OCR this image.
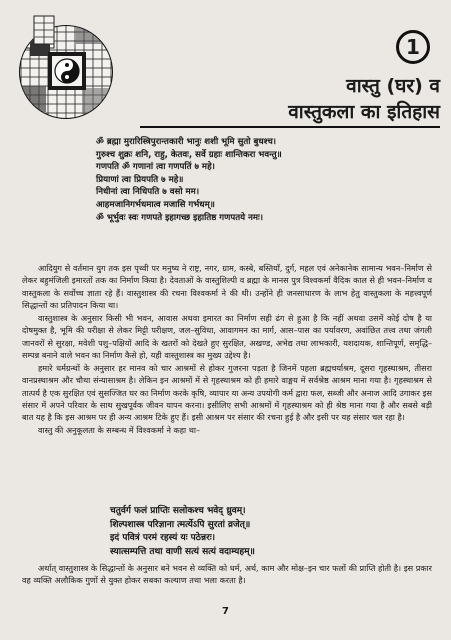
1
वास्तु (घर) व
वास्तुकला का इतिहास
ॐ ब्रह्मा मुरारिस्त्रिपुरान्तकारी भानुः शशी भूमि सुतो बुधश्च।
गुरुश्च शुक्रः शनि, राहु, केतवः, सर्वे ग्रहाः शान्तिकरा भवन्तु॥
गणपति ॐ गणानां त्वा गणपतिं ७ महे।
प्रियाणां त्वा प्रियपति ७ महे॥
निधीनां त्वा निधिपति ७ वसो मम।
आहमजानिगर्भधमात्व मजासि गर्भधम्॥
ॐ भूर्भुवः स्वः गणपते इहागच्छ इहातिष्ठ गणपतये नमः।

आदियुग से वर्तमान युग तक इस पृथ्वी पर मनुष्य ने राष्ट्र, नगर, ग्राम, कस्बे, बस्तियाँ, दुर्ग, महल एवं अनेकानेक सामान्य भवन–निर्माण से लेकर बहुमंजिली इमारतों तक का निर्माण किया है। देवताओं के वास्तुशिल्पी व ब्रह्मा के मानस पुत्र विश्वकर्मा वैदिक काल से ही भवन–निर्माण व वास्तुकला के सर्वोच्च ज्ञाता रहे हैं। वास्तुशास्त्र की रचना विश्वकर्मा ने की थी। उन्होंने ही जनसाधारण के लाभ हेतु वास्तुकला के महत्त्वपूर्ण सिद्धान्तों का प्रतिपादन किया था।

वास्तुशास्त्र के अनुसार किसी भी भवन, आवास अथवा इमारत का निर्माण सही ढंग से हुआ है कि नहीं अथवा उसमें कोई दोष है या दोषमुक्त है, भूमि की परीक्षा से लेकर मिट्टी परीक्षण, जल–सुविधा, आवागमन का मार्ग, आस–पास का पर्यावरण, अवांछित तत्त्व तथा जंगली जानवरों से सुरक्षा, मवेशी पशु–पक्षियों आदि के खतरों को देखते हुए सुरक्षित, अखण्ड, अभेद्य तथा लाभकारी, यशदायक, शान्तिपूर्ण, समृद्धि–सम्पन्न बनाने वाले भवन का निर्माण कैसे हो, यही वास्तुशास्त्र का मुख्य उद्देश्य है।

हमारे धर्मग्रन्थों के अनुसार हर मानव को चार आश्रमों से होकर गुजरना पड़ता है जिनमें पहला ब्रह्मचर्याश्रम, दूसरा गृहस्थाश्रम, तीसरा वानप्रस्थाश्रम और चौथा संन्यासाश्रम है। लेकिन इन आश्रमों में से गृहस्थाश्रम को ही हमारे वाङ्मय में सर्वश्रेष्ठ आश्रम माना गया है। गृहस्थाश्रम से तात्पर्य है एक सुरक्षित एवं सुसज्जित घर का निर्माण करके कृषि, व्यापार या अन्य उपयोगी कर्म द्वारा फल, सब्जी और अनाज आदि उगाकर इस संसार में अपने परिवार के साथ सुखपूर्वक जीवन यापन करना। इसीलिए सभी आश्रमों में गृहस्थाश्रम को ही श्रेष्ठ माना गया है और सबसे बड़ी बात यह है कि इस आश्रम पर ही अन्य आश्रम टिके हुए हैं। इसी आश्रम पर संसार की रचना हुई है और इसी पर यह संसार चल रहा है।

वास्तु की अनुकूलता के सम्बन्ध में विश्वकर्मा ने कहा था–

चतुर्वर्ग फलं प्राप्तिः सलोकश्च भवेद् ध्रुवम्।
शिल्पशास्त्र परिज्ञाना त्मर्त्येऽपि सुरतां व्रजेत्॥
इदं पवित्रं परमं रहस्यं यः पठेन्नरः।
स्यात्सम्पत्ति तथा वाणी सत्यं सत्यं वदाम्यहम्॥

अर्थात् वास्तुशास्त्र के सिद्धान्तों के अनुसार बने भवन से व्यक्ति को धर्म, अर्थ, काम और मोक्ष–इन चार फलों की प्राप्ति होती है। इस प्रकार वह व्यक्ति अलौकिक गुणों से युक्त होकर सबका कल्याण तथा भला करता है।

7
